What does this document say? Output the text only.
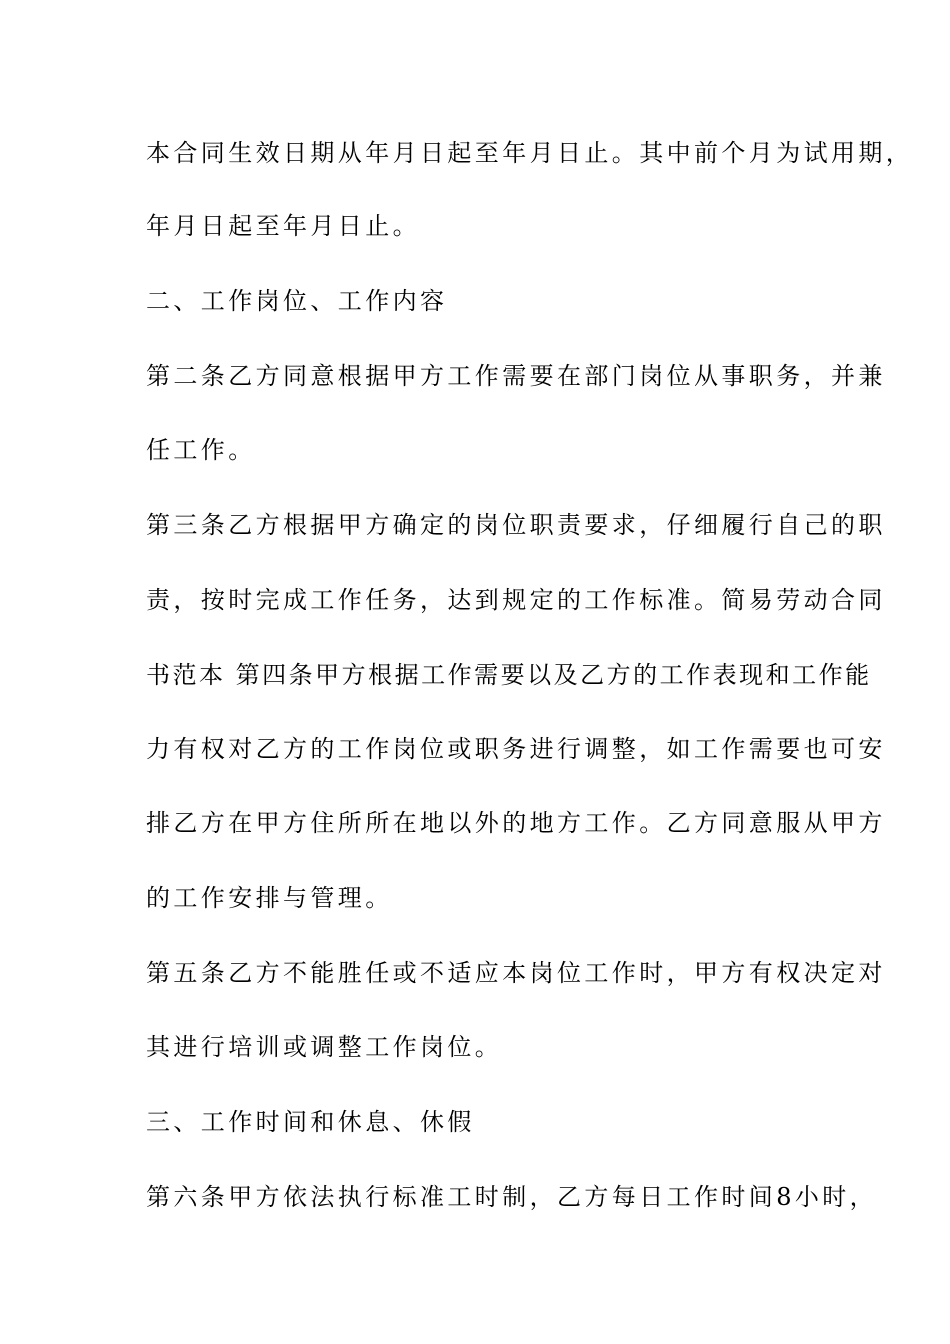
本合同生效日期从年月日起至年月日止。其中前个月为试用期，
年月日起至年月日止。
二、工作岗位、工作内容
第二条乙方同意根据甲方工作需要在部门岗位从事职务，并兼
任工作。
第三条乙方根据甲方确定的岗位职责要求，仔细履行自己的职
责，按时完成工作任务，达到规定的工作标准。简易劳动合同
书范本 第四条甲方根据工作需要以及乙方的工作表现和工作能
力有权对乙方的工作岗位或职务进行调整，如工作需要也可安
排乙方在甲方住所所在地以外的地方工作。乙方同意服从甲方
的工作安排与管理。
第五条乙方不能胜任或不适应本岗位工作时，甲方有权决定对
其进行培训或调整工作岗位。
三、工作时间和休息、休假
第六条甲方依法执行标准工时制，乙方每日工作时间8小时，
